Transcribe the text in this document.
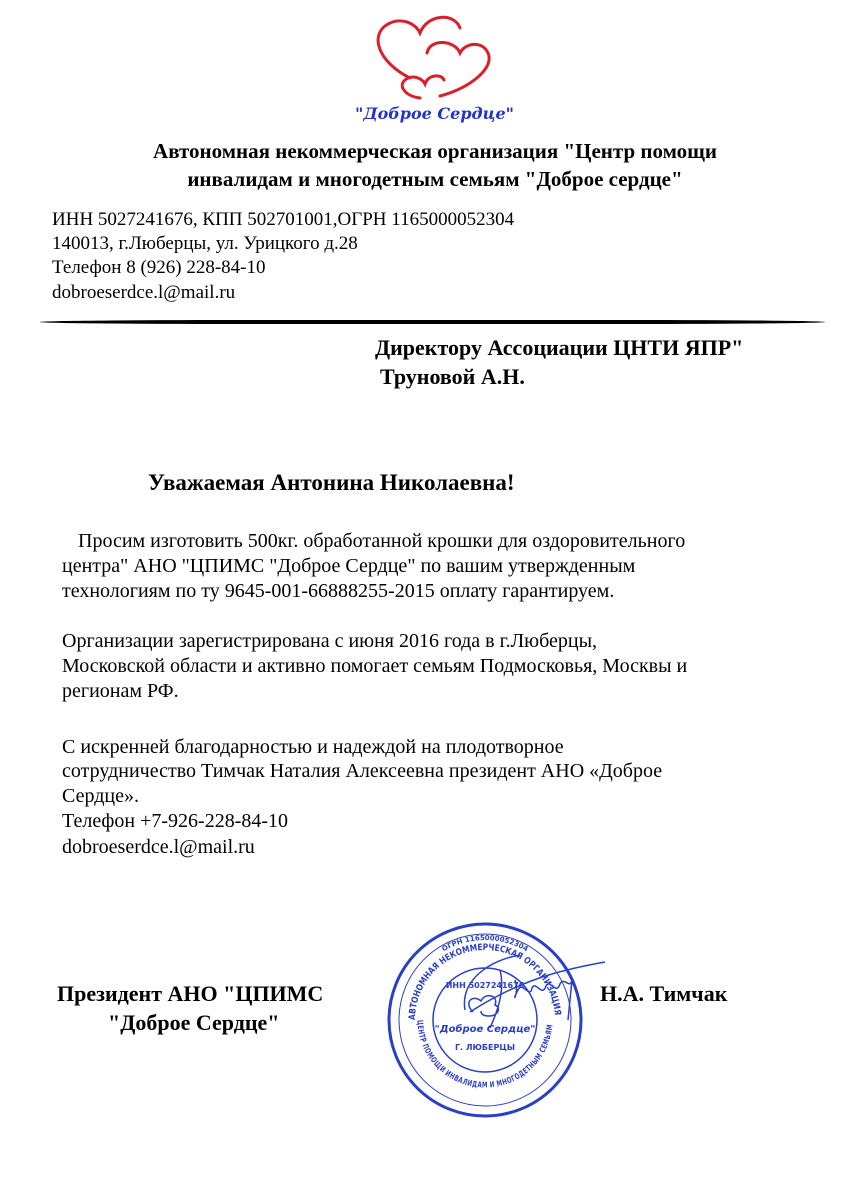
"Доброе Сердце"
Автономная некоммерческая организация "Центр помощи
инвалидам и многодетным семьям "Доброе сердце"
ИНН 5027241676, КПП 502701001,ОГРН 1165000052304
140013, г.Люберцы, ул. Урицкого д.28
Телефон 8 (926) 228-84-10
dobroeserdce.l@mail.ru
Директору Ассоциации ЦНТИ ЯПР"
Труновой А.Н.
Уважаемая Антонина Николаевна!
Просим изготовить 500кг. обработанной крошки для оздоровительного
центра" АНО "ЦПИМС "Доброе Сердце" по вашим утвержденным
технологиям по ту 9645-001-66888255-2015 оплату гарантируем.
Организации зарегистрирована с июня 2016 года в г.Люберцы,
Московской области и активно помогает семьям Подмосковья, Москвы и
регионам РФ.
С искренней благодарностью и надеждой на плодотворное
сотрудничество Тимчак Наталия Алексеевна президент АНО «Доброе
Сердце».
Телефон +7-926-228-84-10
dobroeserdce.l@mail.ru
Президент АНО "ЦПИМС
"Доброе Сердце"
Н.А. Тимчак
ОГРН 1165000052304
АВТОНОМНАЯ НЕКОММЕРЧЕСКАЯ ОРГАНИЗАЦИЯ
ЦЕНТР ПОМОЩИ ИНВАЛИДАМ И МНОГОДЕТНЫМ СЕМЬЯМ
ИНН 5027241676
"Доброе Сердце"
Г. ЛЮБЕРЦЫ
